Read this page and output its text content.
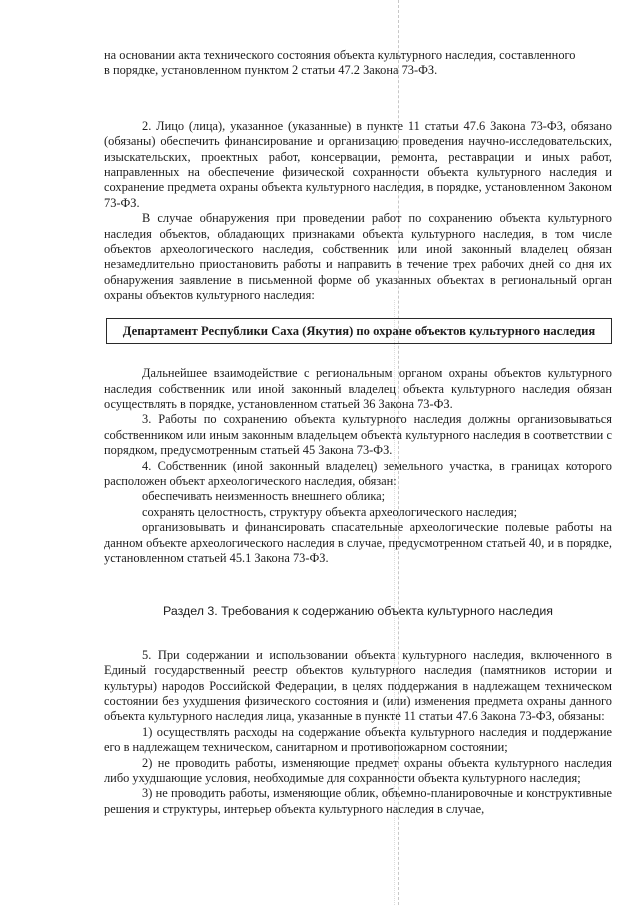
на основании акта технического состояния объекта культурного наследия, составленного

в порядке, установленном пунктом 2 статьи 47.2 Закона 73-ФЗ.

2. Лицо (лица), указанное (указанные) в пункте 11 статьи 47.6 Закона 73-ФЗ, обязано (обязаны) обеспечить финансирование и организацию проведения научно-исследовательских, изыскательских, проектных работ, консервации, ремонта, реставрации и иных работ, направленных на обеспечение физической сохранности объекта культурного наследия и сохранение предмета охраны объекта культурного наследия, в порядке, установленном Законом 73-ФЗ.

В случае обнаружения при проведении работ по сохранению объекта культурного наследия объектов, обладающих признаками объекта культурного наследия, в том числе объектов археологического наследия, собственник или иной законный владелец обязан незамедлительно приостановить работы и направить в течение трех рабочих дней со дня их обнаружения заявление в письменной форме об указанных объектах в региональный орган охраны объектов культурного наследия:

Департамент Республики Саха (Якутия) по охране объектов культурного наследия

Дальнейшее взаимодействие с региональным органом охраны объектов культурного наследия собственник или иной законный владелец объекта культурного наследия обязан осуществлять в порядке, установленном статьей 36 Закона 73-ФЗ.

3. Работы по сохранению объекта культурного наследия должны организовываться собственником или иным законным владельцем объекта культурного наследия в соответствии с порядком, предусмотренным статьей 45 Закона 73-ФЗ.

4. Собственник (иной законный владелец) земельного участка, в границах которого расположен объект археологического наследия, обязан:

обеспечивать неизменность внешнего облика;

сохранять целостность, структуру объекта археологического наследия;

организовывать и финансировать спасательные археологические полевые работы на данном объекте археологического наследия в случае, предусмотренном статьей 40, и в порядке, установленном статьей 45.1 Закона 73-ФЗ.

Раздел 3. Требования к содержанию объекта культурного наследия

5. При содержании и использовании объекта культурного наследия, включенного в Единый государственный реестр объектов культурного наследия (памятников истории и культуры) народов Российской Федерации, в целях поддержания в надлежащем техническом состоянии без ухудшения физического состояния и (или) изменения предмета охраны данного объекта культурного наследия лица, указанные в пункте 11 статьи 47.6 Закона 73-ФЗ, обязаны:

1) осуществлять расходы на содержание объекта культурного наследия и поддержание его в надлежащем техническом, санитарном и противопожарном состоянии;

2) не проводить работы, изменяющие предмет охраны объекта культурного наследия либо ухудшающие условия, необходимые для сохранности объекта культурного наследия;

3) не проводить работы, изменяющие облик, объемно-планировочные и конструктивные решения и структуры, интерьер объекта культурного наследия в случае,
